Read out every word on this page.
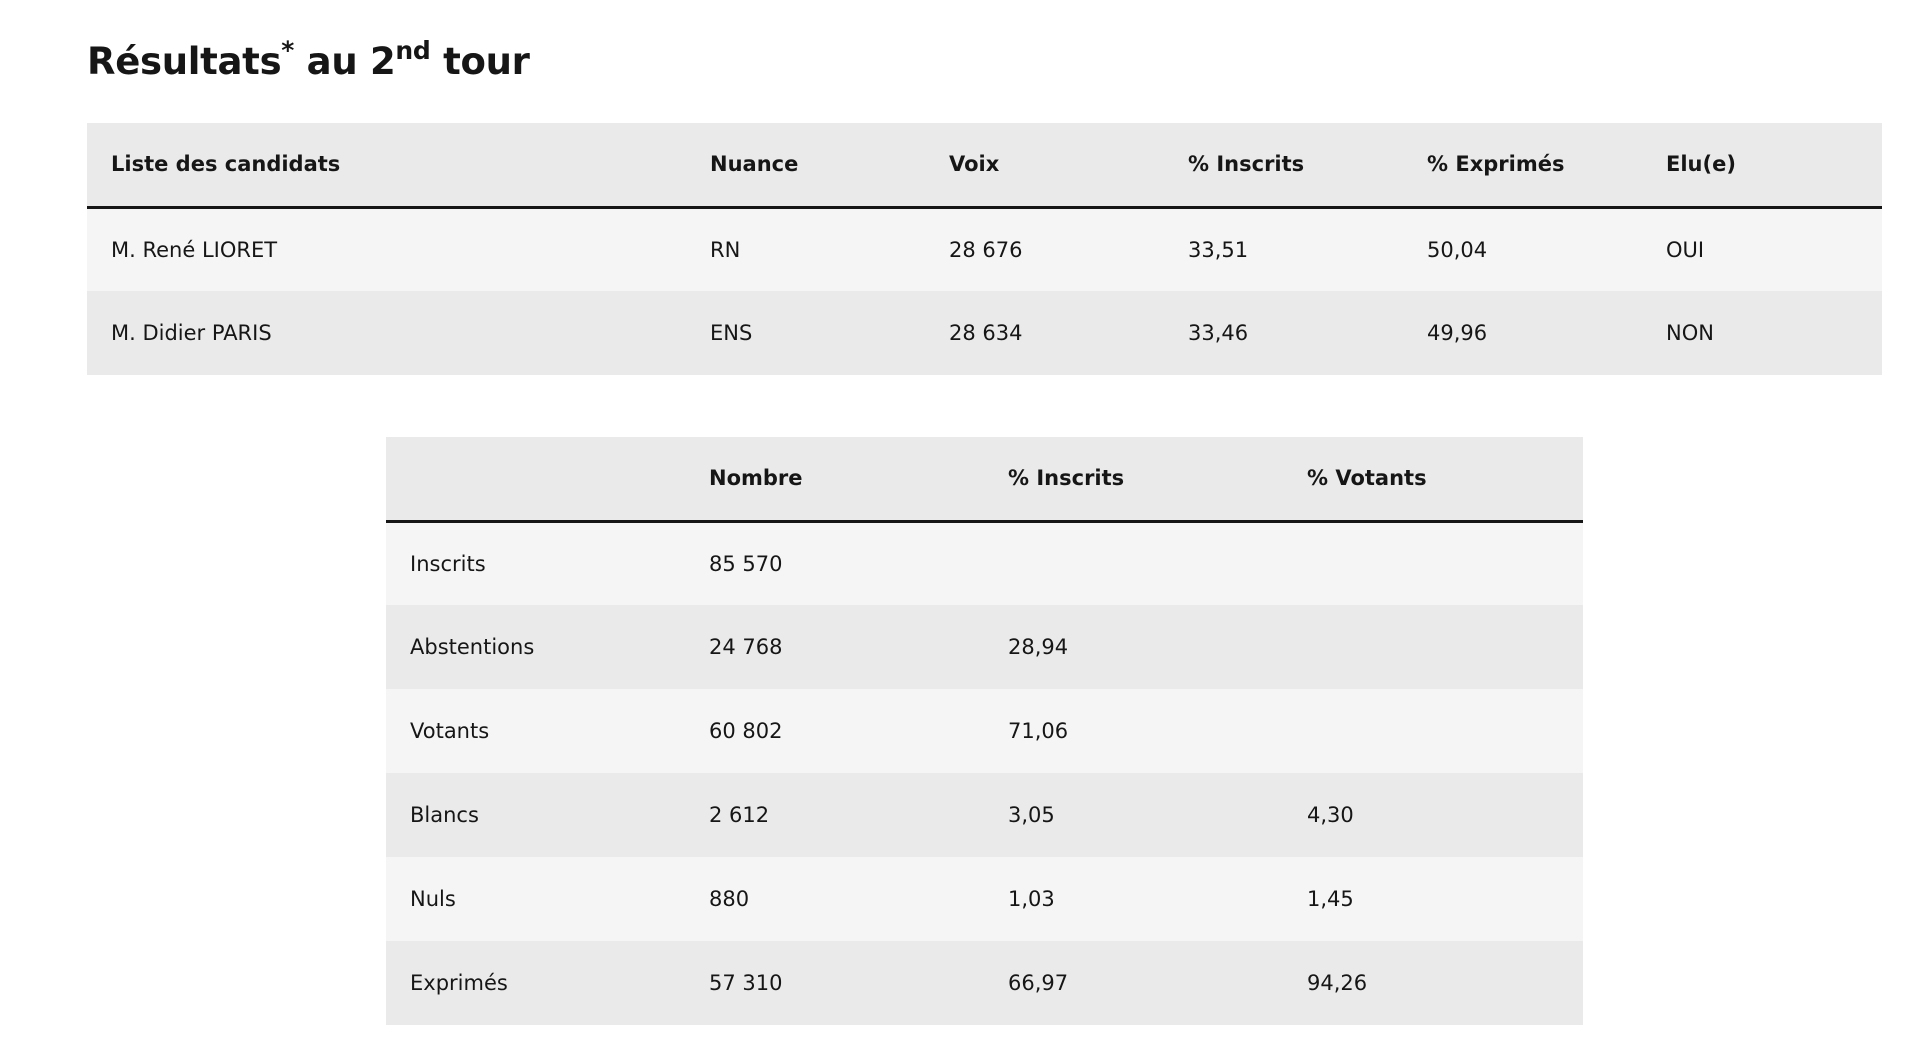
Résultats* au 2nd tour
Liste des candidats	Nuance	Voix	% Inscrits	% Exprimés	Elu(e)
M. René LIORET	RN	28 676	33,51	50,04	OUI
M. Didier PARIS	ENS	28 634	33,46	49,96	NON
	Nombre	% Inscrits	% Votants
Inscrits	85 570		
Abstentions	24 768	28,94	
Votants	60 802	71,06	
Blancs	2 612	3,05	4,30
Nuls	880	1,03	1,45
Exprimés	57 310	66,97	94,26
